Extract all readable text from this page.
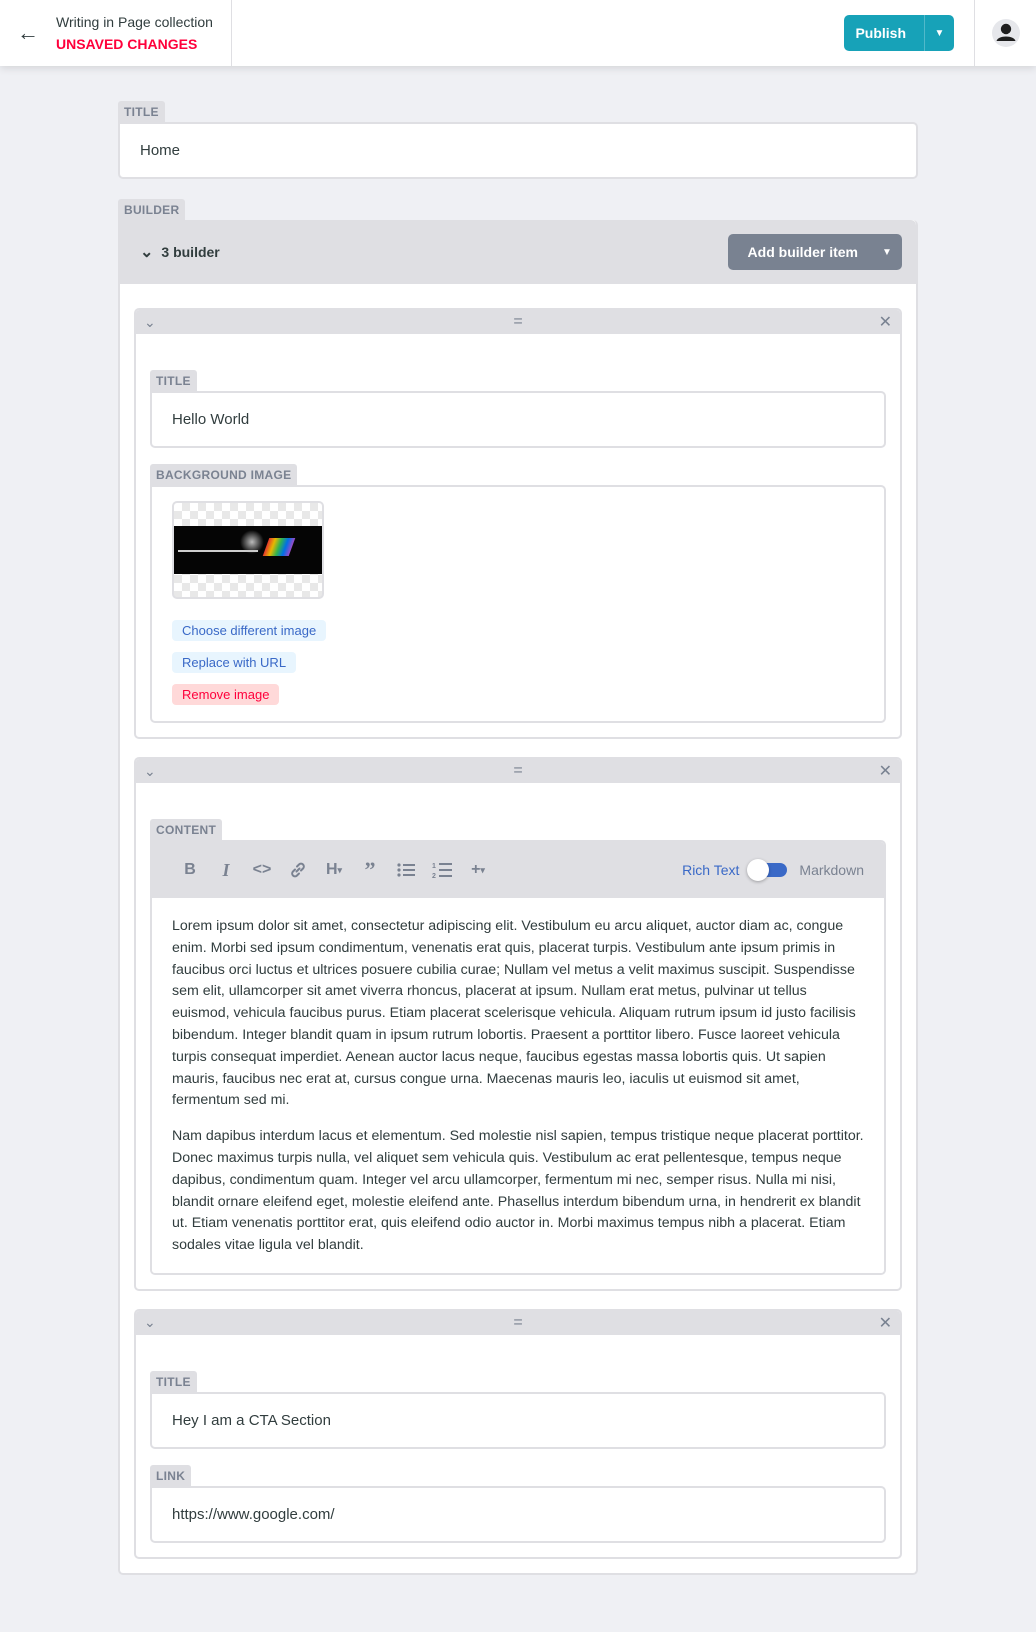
←	Writing in Page collection
UNSAVED CHANGES
Publish	▼
TITLE
Home
BUILDER
⌄ 3 builder	Add builder item	▼
⌄	=	✕
TITLE
Hello World
BACKGROUND IMAGE
Choose different image
Replace with URL
Remove image
⌄	=	✕
CONTENT
B	I	<>	H ▾	”	1
2	+ ▾	Rich Text	Markdown

Lorem ipsum dolor sit amet, consectetur adipiscing elit. Vestibulum eu arcu aliquet, auctor diam ac, congue enim. Morbi sed ipsum condimentum, venenatis erat quis, placerat turpis. Vestibulum ante ipsum primis in faucibus orci luctus et ultrices posuere cubilia curae; Nullam vel metus a velit maximus suscipit. Suspendisse sem elit, ullamcorper sit amet viverra rhoncus, placerat at ipsum. Nullam erat metus, pulvinar ut tellus euismod, vehicula faucibus purus. Etiam placerat scelerisque vehicula. Aliquam rutrum ipsum id justo facilisis bibendum. Integer blandit quam in ipsum rutrum lobortis. Praesent a porttitor libero. Fusce laoreet vehicula turpis consequat imperdiet. Aenean auctor lacus neque, faucibus egestas massa lobortis quis. Ut sapien mauris, faucibus nec erat at, cursus congue urna. Maecenas mauris leo, iaculis ut euismod sit amet, fermentum sed mi.

Nam dapibus interdum lacus et elementum. Sed molestie nisl sapien, tempus tristique neque placerat porttitor. Donec maximus turpis nulla, vel aliquet sem vehicula quis. Vestibulum ac erat pellentesque, tempus neque dapibus, condimentum quam. Integer vel arcu ullamcorper, fermentum mi nec, semper risus. Nulla mi nisi, blandit ornare eleifend eget, molestie eleifend ante. Phasellus interdum bibendum urna, in hendrerit ex blandit ut. Etiam venenatis porttitor erat, quis eleifend odio auctor in. Morbi maximus tempus nibh a placerat. Etiam sodales vitae ligula vel blandit.

⌄	=	✕
TITLE
Hey I am a CTA Section
LINK
https://www.google.com/
